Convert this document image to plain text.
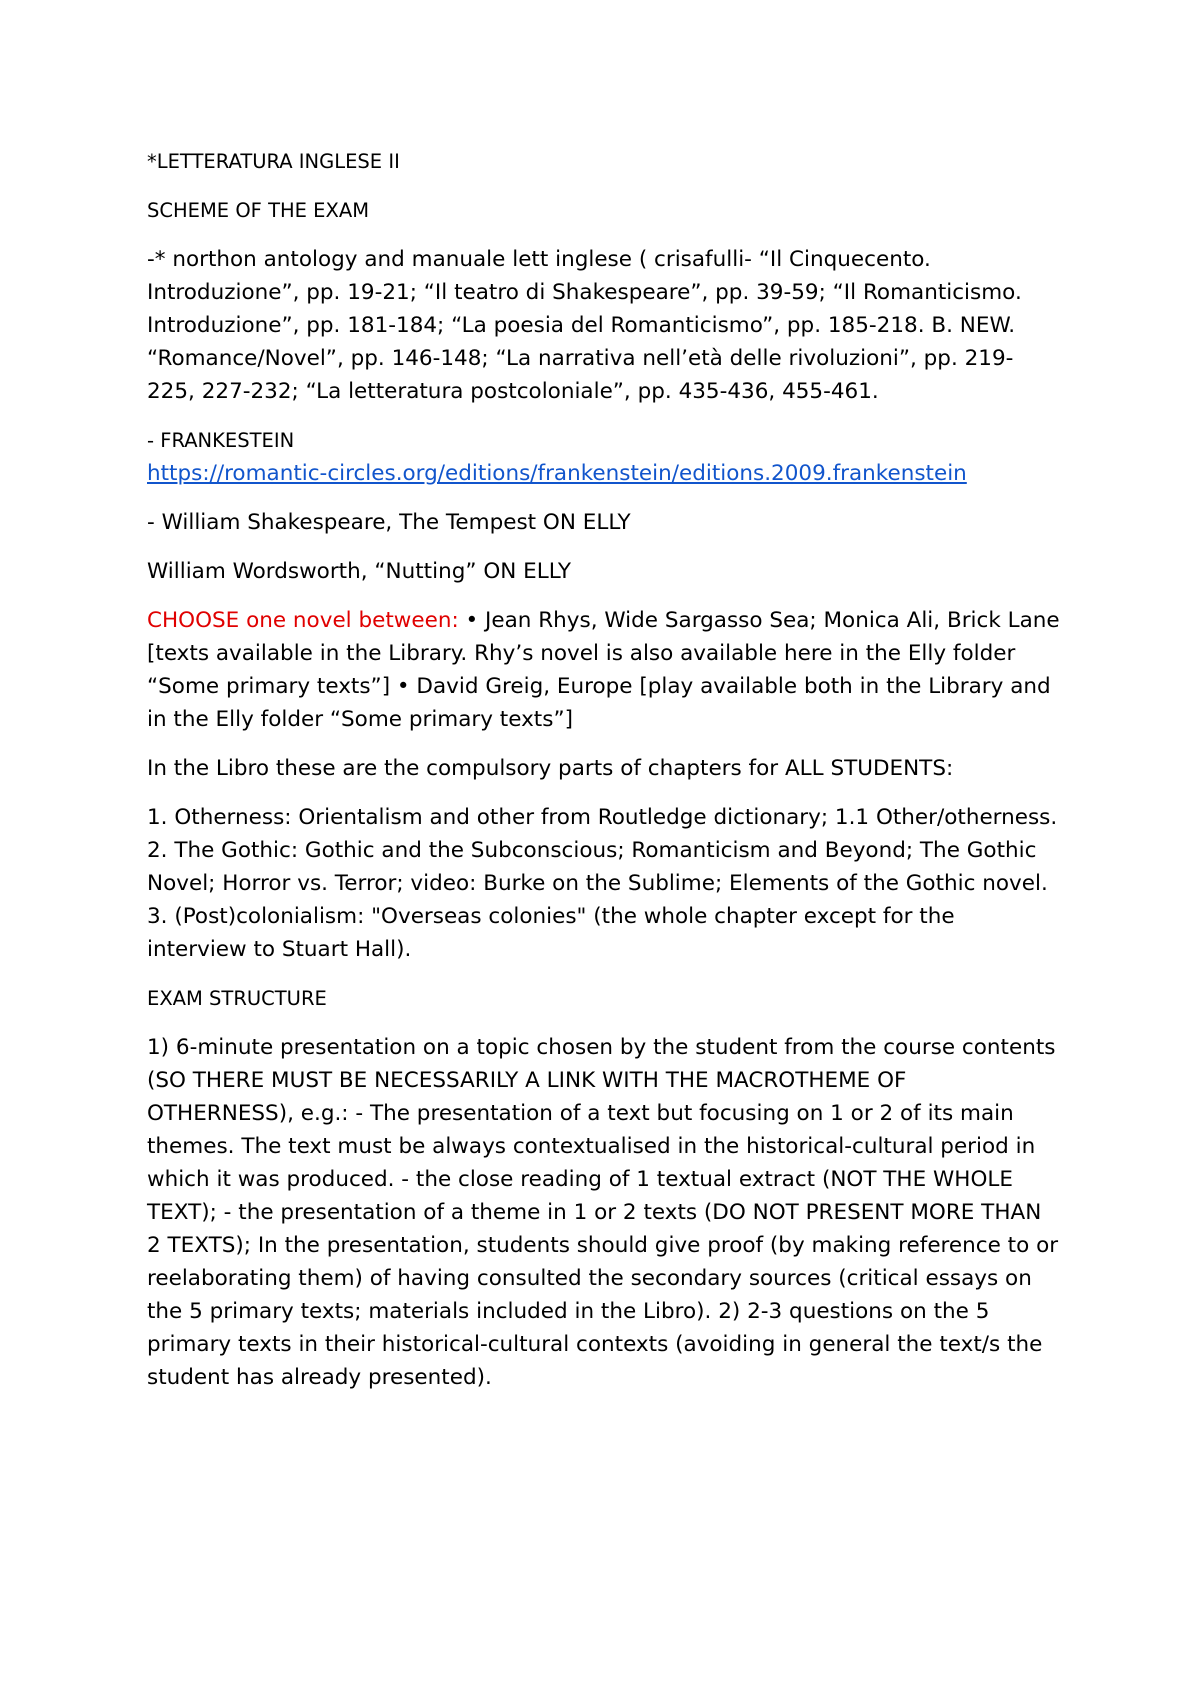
*LETTERATURA INGLESE II

SCHEME OF THE EXAM

-* northon antology and manuale lett inglese ( crisafulli- “Il Cinquecento. Introduzione”, pp. 19-21; “Il teatro di Shakespeare”, pp. 39-59; “Il Romanticismo. Introduzione”, pp. 181-184; “La poesia del Romanticismo”, pp. 185-218. B. NEW. “Romance/Novel”, pp. 146-148; “La narrativa nell’età delle rivoluzioni”, pp. 219-225, 227-232; “La letteratura postcoloniale”, pp. 435-436, 455-461.

- FRANKESTEIN
https://romantic-circles.org/editions/frankenstein/editions.2009.frankenstein

- William Shakespeare, The Tempest ON ELLY

William Wordsworth, “Nutting” ON ELLY

CHOOSE one novel between: • Jean Rhys, Wide Sargasso Sea; Monica Ali, Brick Lane [texts available in the Library. Rhy’s novel is also available here in the Elly folder “Some primary texts”] • David Greig, Europe [play available both in the Library and in the Elly folder “Some primary texts”]

In the Libro these are the compulsory parts of chapters for ALL STUDENTS:

1. Otherness: Orientalism and other from Routledge dictionary; 1.1 Other/otherness. 2. The Gothic: Gothic and the Subconscious; Romanticism and Beyond; The Gothic Novel; Horror vs. Terror; video: Burke on the Sublime; Elements of the Gothic novel. 3. (Post)colonialism: "Overseas colonies" (the whole chapter except for the interview to Stuart Hall).

EXAM STRUCTURE

1) 6-minute presentation on a topic chosen by the student from the course contents (SO THERE MUST BE NECESSARILY A LINK WITH THE MACROTHEME OF OTHERNESS), e.g.: - The presentation of a text but focusing on 1 or 2 of its main themes. The text must be always contextualised in the historical-cultural period in which it was produced. - the close reading of 1 textual extract (NOT THE WHOLE TEXT); - the presentation of a theme in 1 or 2 texts (DO NOT PRESENT MORE THAN 2 TEXTS); In the presentation, students should give proof (by making reference to or reelaborating them) of having consulted the secondary sources (critical essays on the 5 primary texts; materials included in the Libro). 2) 2-3 questions on the 5 primary texts in their historical-cultural contexts (avoiding in general the text/s the student has already presented).
